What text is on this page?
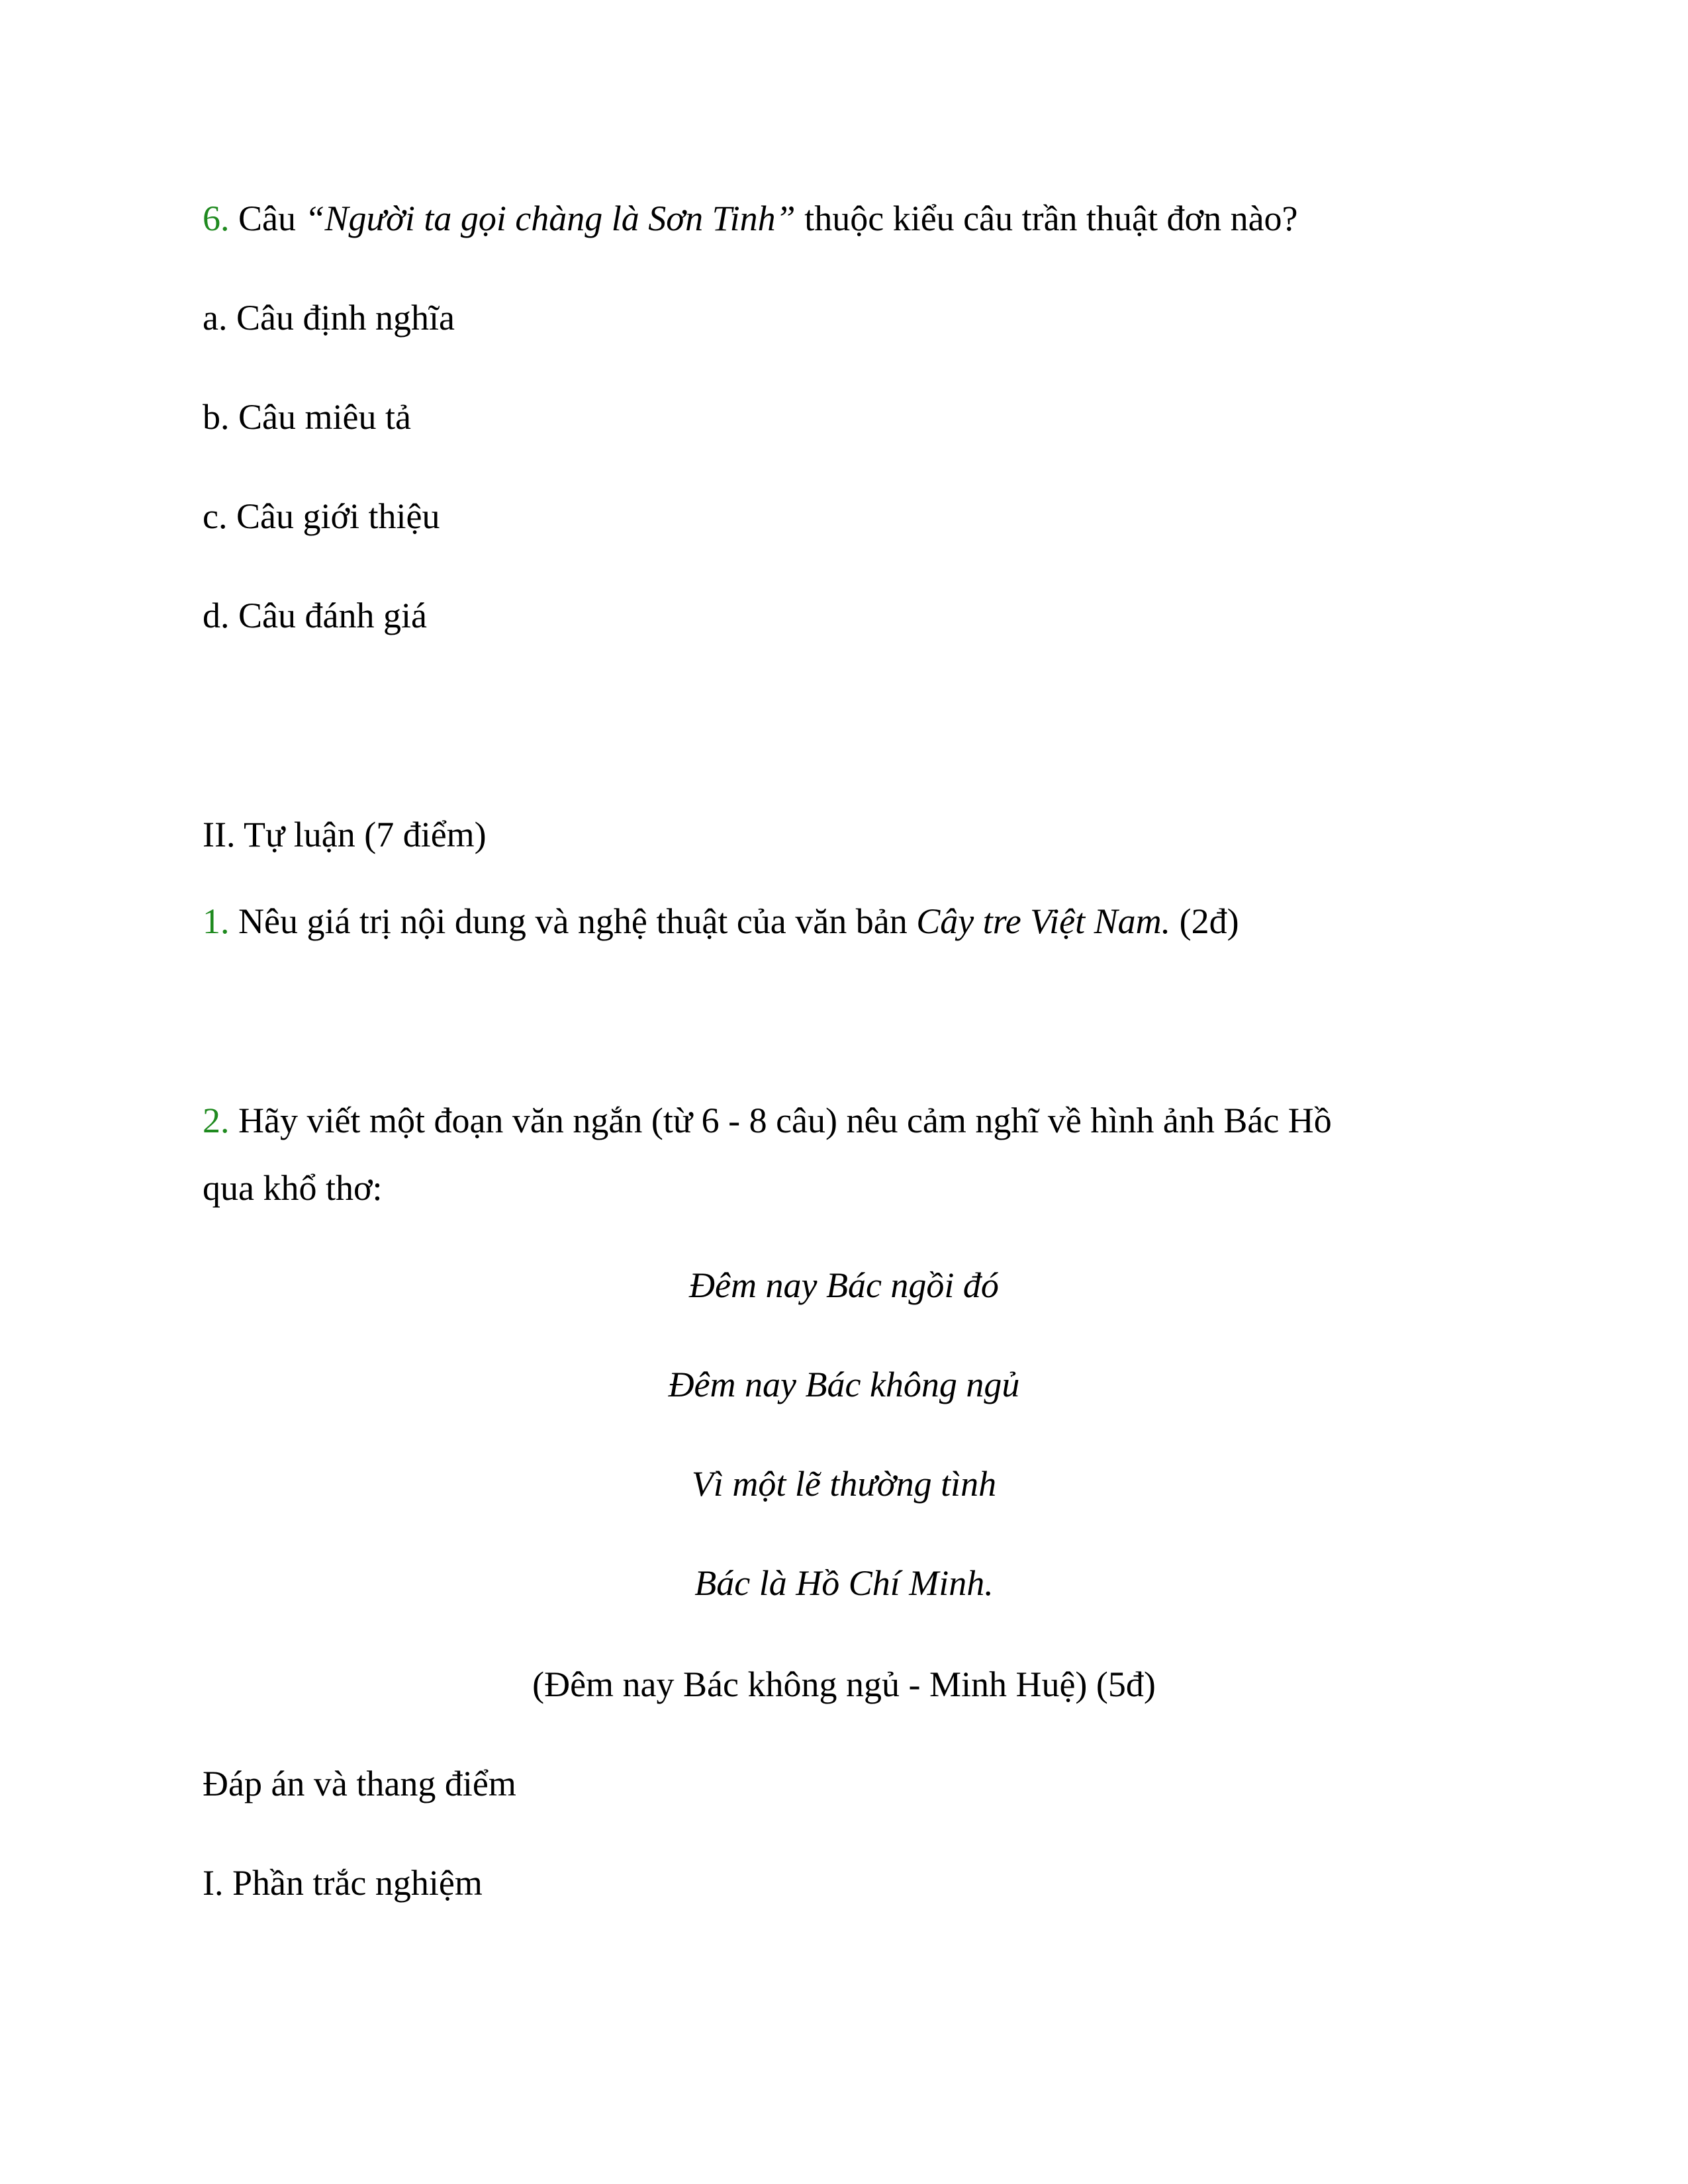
6. Câu “Người ta gọi chàng là Sơn Tinh” thuộc kiểu câu trần thuật đơn nào?
a. Câu định nghĩa
b. Câu miêu tả
c. Câu giới thiệu
d. Câu đánh giá
II. Tự luận (7 điểm)
1. Nêu giá trị nội dung và nghệ thuật của văn bản Cây tre Việt Nam. (2đ)
2. Hãy viết một đoạn văn ngắn (từ 6 - 8 câu) nêu cảm nghĩ về hình ảnh Bác Hồ
qua khổ thơ:
Đêm nay Bác ngồi đó
Đêm nay Bác không ngủ
Vì một lẽ thường tình
Bác là Hồ Chí Minh.
(Đêm nay Bác không ngủ - Minh Huệ) (5đ)
Đáp án và thang điểm
I. Phần trắc nghiệm
